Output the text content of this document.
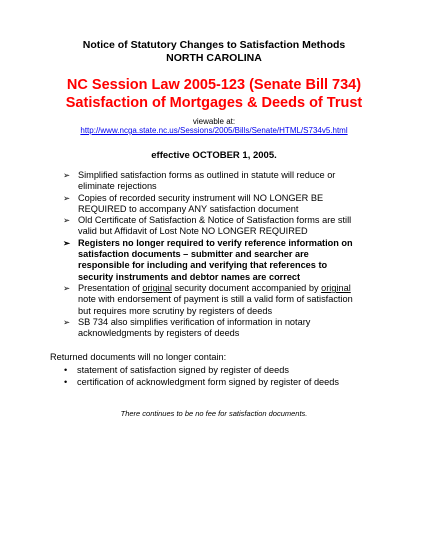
Notice of Statutory Changes to Satisfaction Methods
NORTH CAROLINA
NC Session Law 2005-123 (Senate Bill 734)
Satisfaction of Mortgages & Deeds of Trust
viewable at:
http://www.ncga.state.nc.us/Sessions/2005/Bills/Senate/HTML/S734v5.html
effective OCTOBER 1, 2005.
➢ Simplified satisfaction forms as outlined in statute will reduce or
eliminate rejections
➢ Copies of recorded security instrument will NO LONGER BE
REQUIRED to accompany ANY satisfaction document
➢ Old Certificate of Satisfaction & Notice of Satisfaction forms are still
valid but Affidavit of Lost Note NO LONGER REQUIRED
➢ Registers no longer required to verify reference information on
satisfaction documents – submitter and searcher are
responsible for including and verifying that references to
security instruments and debtor names are correct
➢ Presentation of original security document accompanied by original
note with endorsement of payment is still a valid form of satisfaction
but requires more scrutiny by registers of deeds
➢ SB 734 also simplifies verification of information in notary
acknowledgments by registers of deeds
Returned documents will no longer contain:
•	statement of satisfaction signed by register of deeds
•	certification of acknowledgment form signed by register of deeds
There continues to be no fee for satisfaction documents.
